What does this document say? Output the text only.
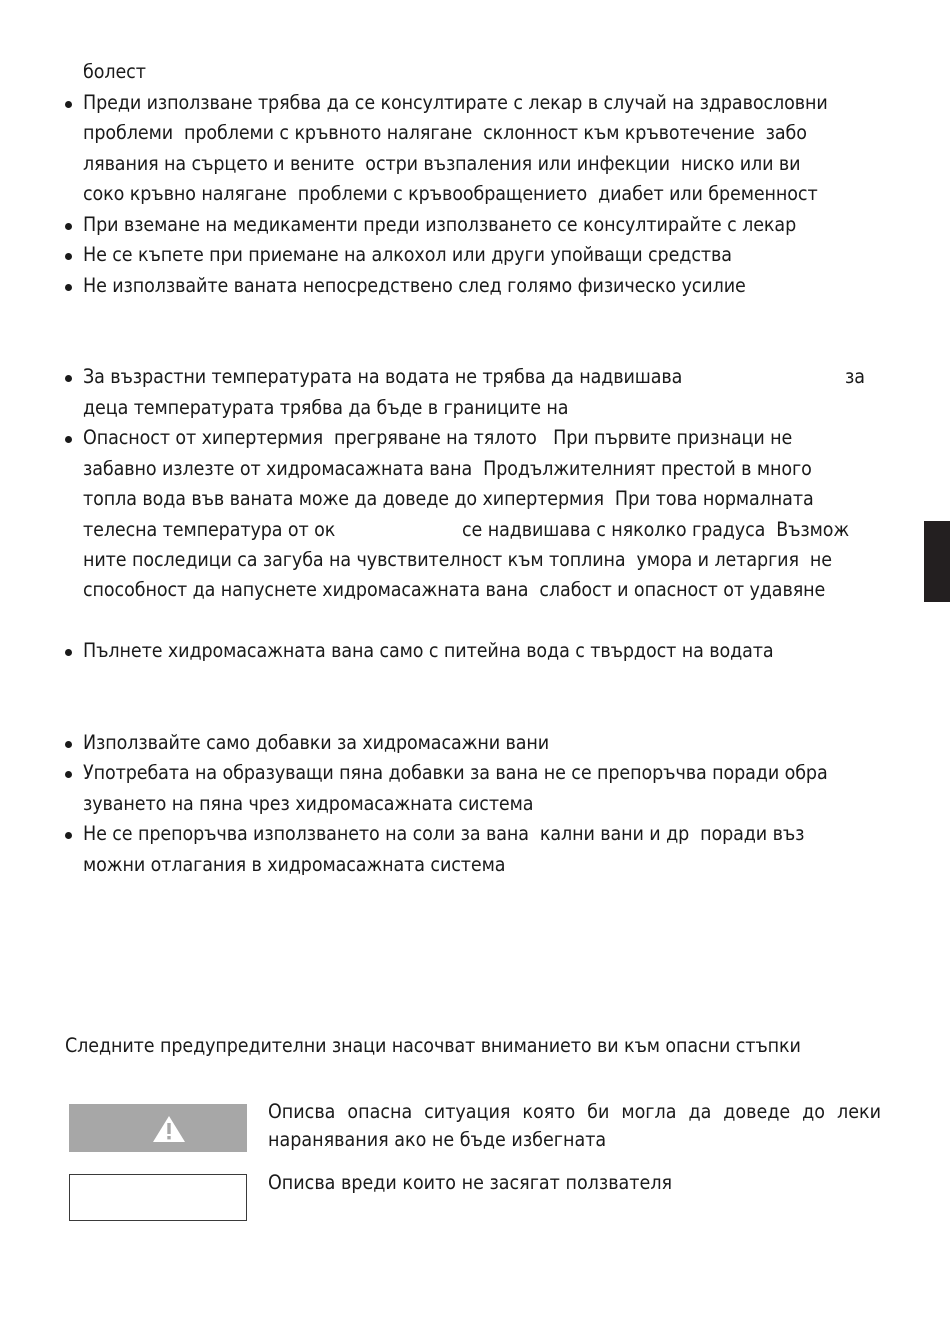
болест
Преди използване трябва да се консултирате с лекар в случай на здравословни
проблеми  проблеми с кръвното налягане  склонност към кръвотечение  забо
лявания на сърцето и вените  остри възпаления или инфекции  ниско или ви
соко кръвно налягане  проблеми с кръвообращението  диабет или бременност
При вземане на медикаменти преди използването се консултирайте с лекар
Не се къпете при приемане на алкохол или други упойващи средства
Не използвайте ваната непосредствено след голямо физическо усилие
За възрастни температурата на водата не трябва да надвишава	за
деца температурата трябва да бъде в границите на
Опасност от хипертермия  прегряване на тялото   При първите признаци не
забавно излезте от хидромасажната вана  Продължителният престой в много
топла вода във ваната може да доведе до хипертермия  При това нормалната
телесна температура от ок	се надвишава с няколко градуса  Възмож
ните последици са загуба на чувствителност към топлина  умора и летаргия  не
способност да напуснете хидромасажната вана  слабост и опасност от удавяне
Пълнете хидромасажната вана само с питейна вода с твърдост на водата
Използвайте само добавки за хидромасажни вани
Употребата на образуващи пяна добавки за вана не се препоръчва поради обра
зуването на пяна чрез хидромасажната система
Не се препоръчва използването на соли за вана  кални вани и др  поради въз
можни отлагания в хидромасажната система
Следните предупредителни знаци насочват вниманието ви към опасни стъпки
Описва опасна ситуация която би могла да доведе до леки наранявания ако не бъде избегната
Описва вреди които не засягат ползвателя
